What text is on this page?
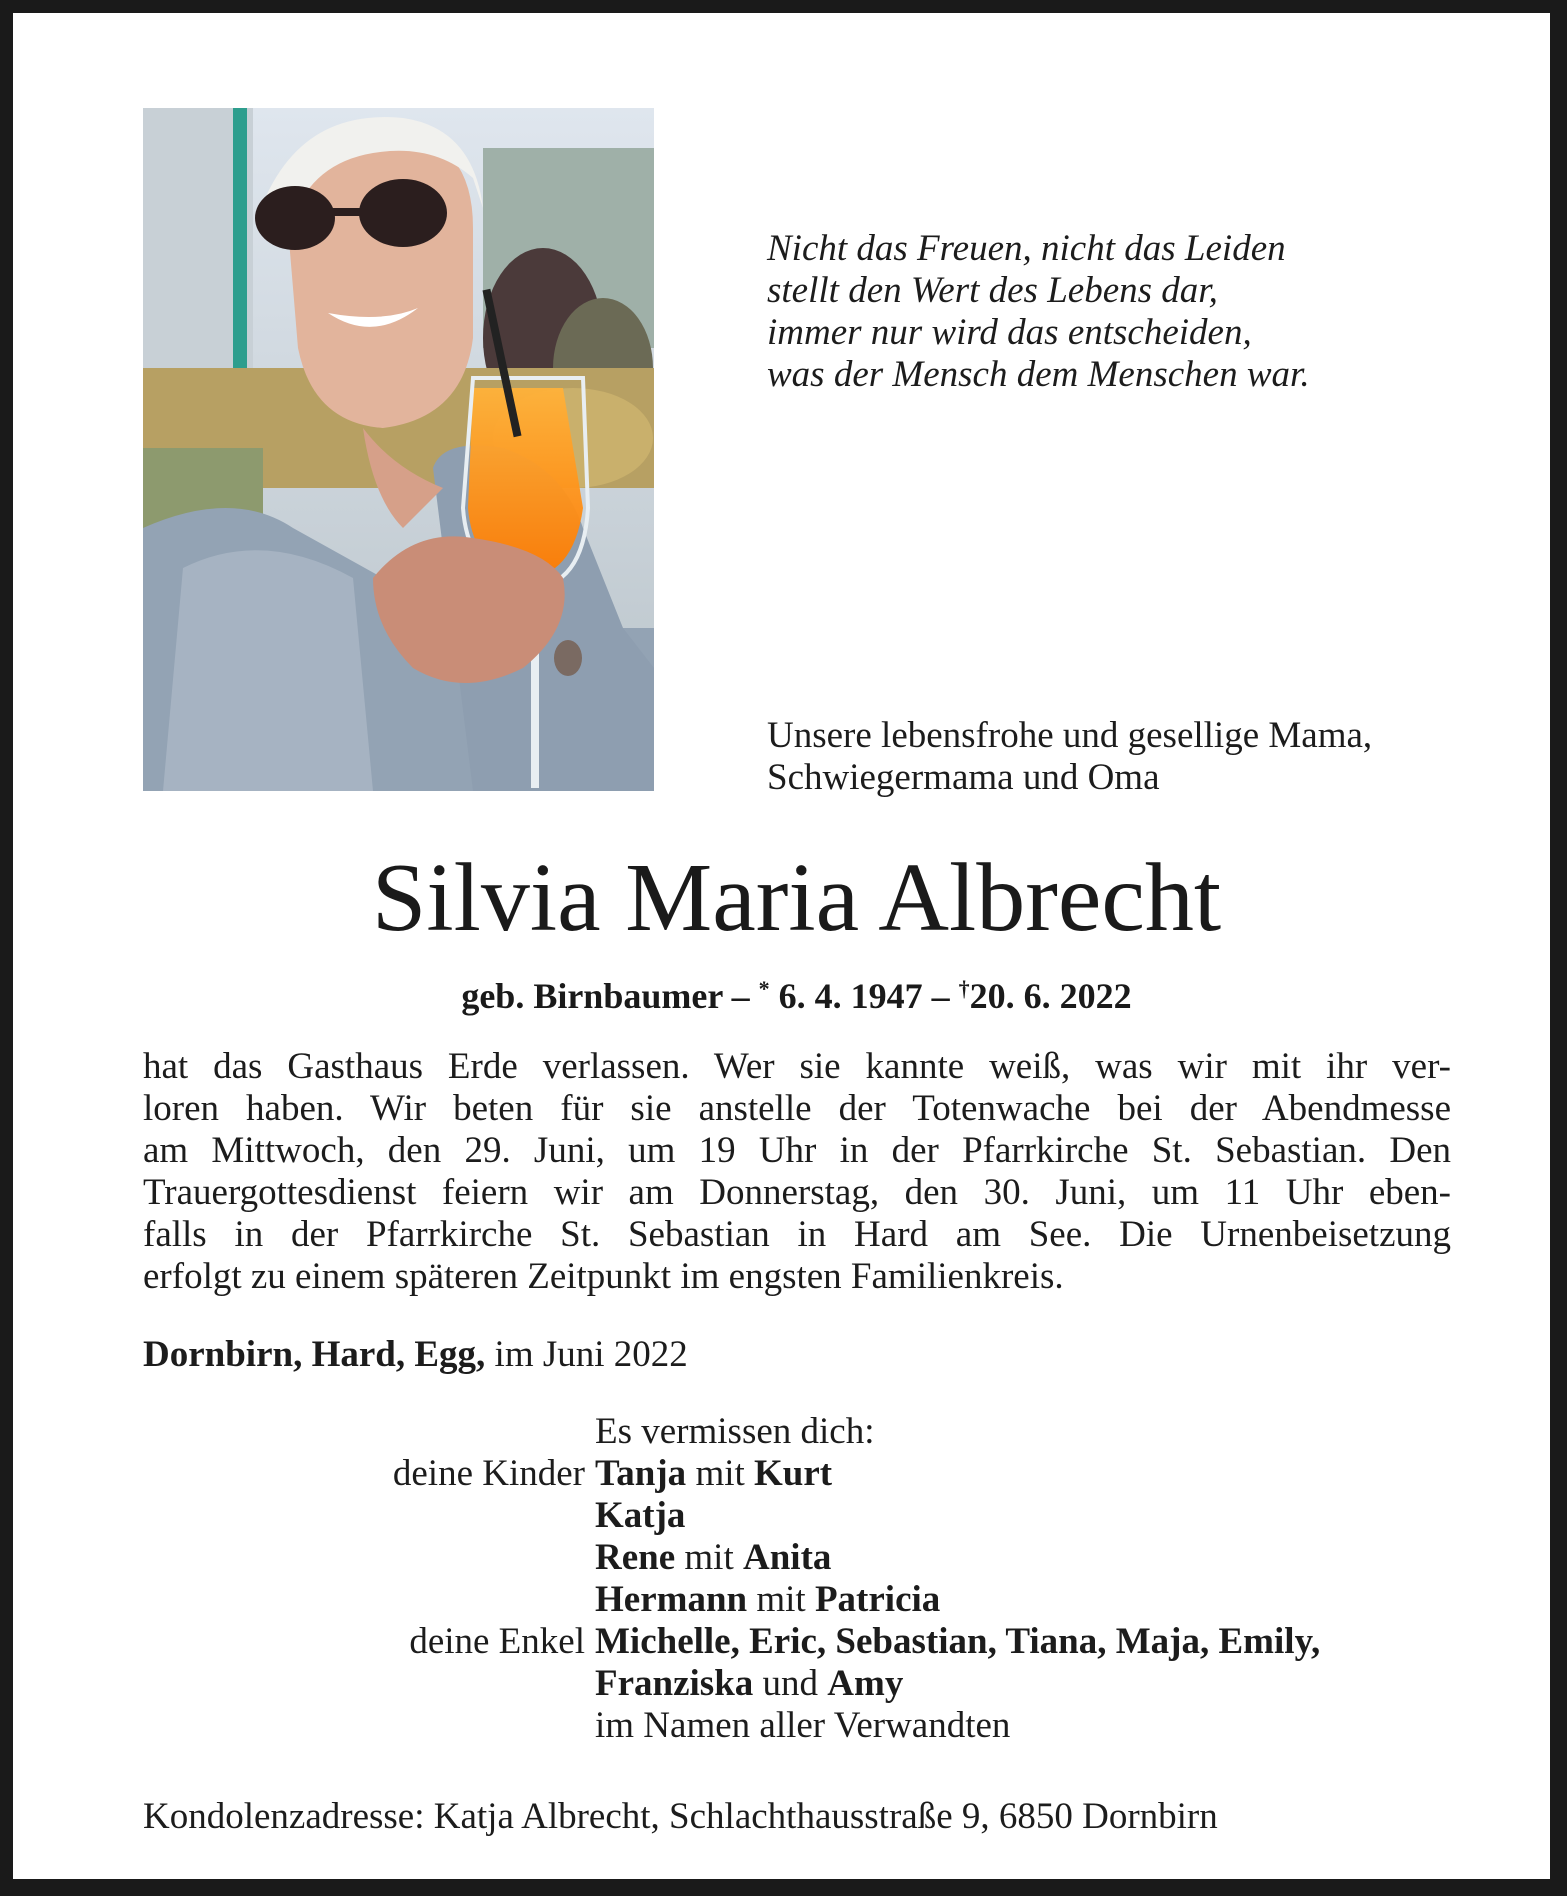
Nicht das Freuen, nicht das Leiden
stellt den Wert des Lebens dar,
immer nur wird das entscheiden,
was der Mensch dem Menschen war.
Unsere lebensfrohe und gesellige Mama,
Schwiegermama und Oma
Silvia Maria Albrecht
geb. Birnbaumer – * 6. 4. 1947 – †20. 6. 2022
hat das Gasthaus Erde verlassen. Wer sie kannte weiß, was wir mit ihr ver-
loren haben. Wir beten für sie anstelle der Totenwache bei der Abendmesse
am Mittwoch, den 29. Juni, um 19 Uhr in der Pfarrkirche St. Sebastian. Den
Trauergottesdienst feiern wir am Donnerstag, den 30. Juni, um 11 Uhr eben-
falls in der Pfarrkirche St. Sebastian in Hard am See. Die Urnenbeisetzung
erfolgt zu einem späteren Zeitpunkt im engsten Familienkreis.
Dornbirn, Hard, Egg, im Juni 2022
Es vermissen dich:
deine Kinder Tanja mit Kurt
Katja
Rene mit Anita
Hermann mit Patricia
deine Enkel Michelle, Eric, Sebastian, Tiana, Maja, Emily,
Franziska und Amy
im Namen aller Verwandten
Kondolenzadresse: Katja Albrecht, Schlachthausstraße 9, 6850 Dornbirn
